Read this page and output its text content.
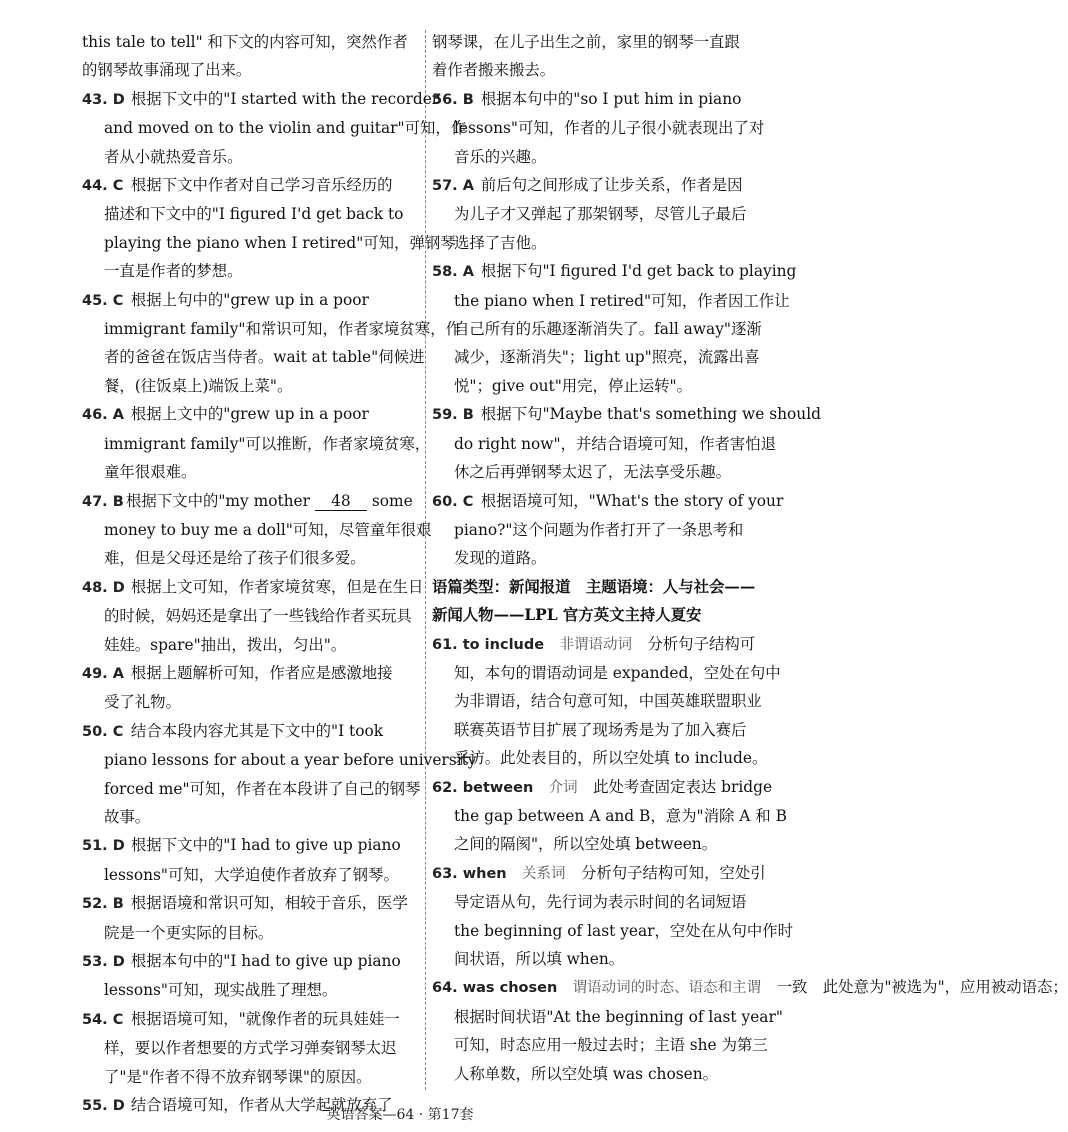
this tale to tell" 和下文的内容可知，突然作者
的钢琴故事涌现了出来。
43. D 根据下文中的"I started with the recorder
and moved on to the violin and guitar"可知，作
者从小就热爱音乐。
44. C 根据下文中作者对自己学习音乐经历的
描述和下文中的"I figured I'd get back to
playing the piano when I retired"可知，弹钢琴
一直是作者的梦想。
45. C 根据上句中的"grew up in a poor
immigrant family"和常识可知，作者家境贫寒，作
者的爸爸在饭店当侍者。wait at table"伺候进
餐，(往饭桌上)端饭上菜"。
46. A 根据上文中的"grew up in a poor
immigrant family"可以推断，作者家境贫寒，
童年很艰难。
47. B 根据下文中的"my mother 48 some
money to buy me a doll"可知，尽管童年很艰
难，但是父母还是给了孩子们很多爱。
48. D 根据上文可知，作者家境贫寒，但是在生日
的时候，妈妈还是拿出了一些钱给作者买玩具
娃娃。spare"抽出，拨出，匀出"。
49. A 根据上题解析可知，作者应是感激地接
受了礼物。
50. C 结合本段内容尤其是下文中的"I took
piano lessons for about a year before university
forced me"可知，作者在本段讲了自己的钢琴
故事。
51. D 根据下文中的"I had to give up piano
lessons"可知，大学迫使作者放弃了钢琴。
52. B 根据语境和常识可知，相较于音乐，医学
院是一个更实际的目标。
53. D 根据本句中的"I had to give up piano
lessons"可知，现实战胜了理想。
54. C 根据语境可知，"就像作者的玩具娃娃一
样，要以作者想要的方式学习弹奏钢琴太迟
了"是"作者不得不放弃钢琴课"的原因。
55. D 结合语境可知，作者从大学起就放弃了
钢琴课，在儿子出生之前，家里的钢琴一直跟
着作者搬来搬去。
56. B 根据本句中的"so I put him in piano
lessons"可知，作者的儿子很小就表现出了对
音乐的兴趣。
57. A 前后句之间形成了让步关系，作者是因
为儿子才又弹起了那架钢琴，尽管儿子最后
选择了吉他。
58. A 根据下句"I figured I'd get back to playing
the piano when I retired"可知，作者因工作让
自己所有的乐趣逐渐消失了。fall away"逐渐
减少，逐渐消失"；light up"照亮，流露出喜
悦"；give out"用完，停止运转"。
59. B 根据下句"Maybe that's something we should
do right now"，并结合语境可知，作者害怕退
休之后再弹钢琴太迟了，无法享受乐趣。
60. C 根据语境可知，"What's the story of your
piano?"这个问题为作者打开了一条思考和
发现的道路。
语篇类型：新闻报道　主题语境：人与社会——
新闻人物——LPL 官方英文主持人夏安
61. to include　 非谓语动词　 分析句子结构可
知，本句的谓语动词是 expanded，空处在句中
为非谓语，结合句意可知，中国英雄联盟职业
联赛英语节目扩展了现场秀是为了加入赛后
采访。此处表目的，所以空处填 to include。
62. between　 介词　 此处考查固定表达 bridge
the gap between A and B，意为"消除 A 和 B
之间的隔阂"，所以空处填 between。
63. when　 关系词　 分析句子结构可知，空处引
导定语从句，先行词为表示时间的名词短语
the beginning of last year，空处在从句中作时
间状语，所以填 when。
64. was chosen　 谓语动词的时态、语态和主谓　 一致　此处意为"被选为"，应用被动语态；
根据时间状语"At the beginning of last year"
可知，时态应用一般过去时；主语 she 为第三
人称单数，所以空处填 was chosen。
英语答案—64 · 第17套
